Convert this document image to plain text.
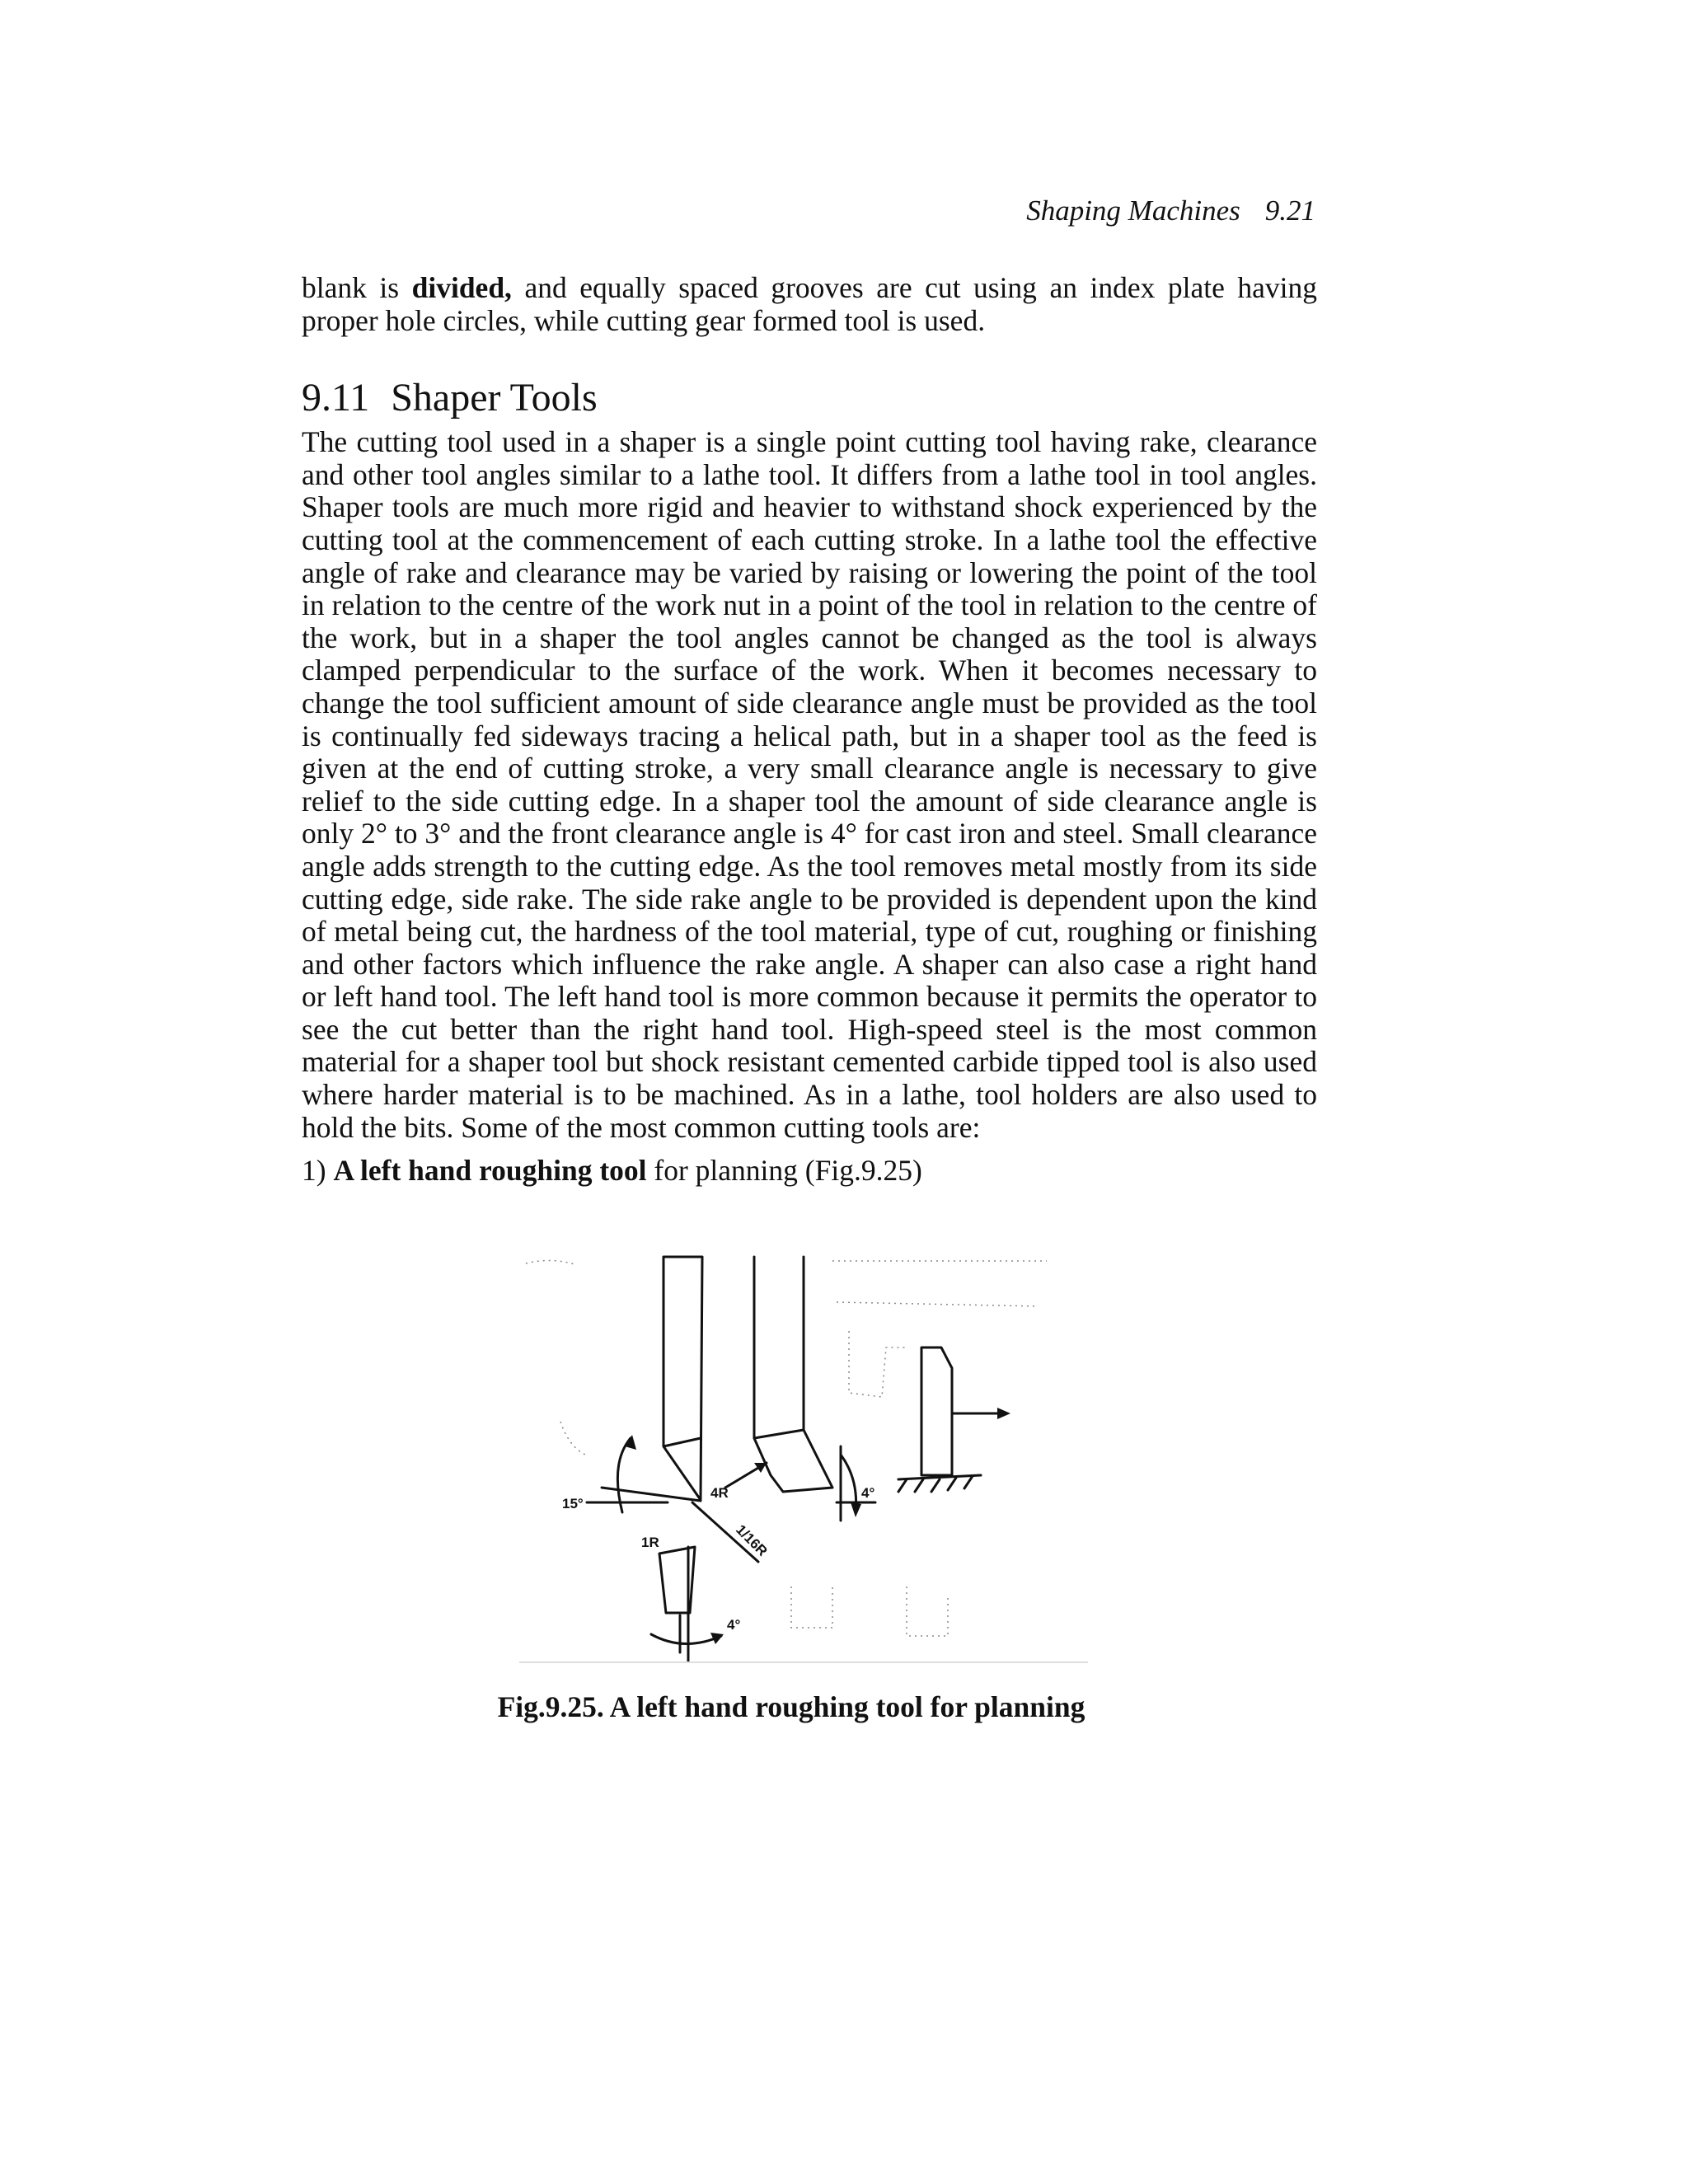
Shaping Machines 9.21

blank is divided, and equally spaced grooves are cut using an index plate having proper hole circles, while cutting gear formed tool is used.

9.11 Shaper Tools

The cutting tool used in a shaper is a single point cutting tool having rake, clearance and other tool angles similar to a lathe tool. It differs from a lathe tool in tool angles. Shaper tools are much more rigid and heavier to withstand shock experienced by the cutting tool at the commencement of each cutting stroke. In a lathe tool the effective angle of rake and clearance may be varied by raising or lowering the point of the tool in relation to the centre of the work nut in a point of the tool in relation to the centre of the work, but in a shaper the tool angles cannot be changed as the tool is always clamped perpendicular to the surface of the work. When it becomes necessary to change the tool sufficient amount of side clearance angle must be provided as the tool is continually fed sideways tracing a helical path, but in a shaper tool as the feed is given at the end of cutting stroke, a very small clearance angle is necessary to give relief to the side cutting edge. In a shaper tool the amount of side clearance angle is only 2° to 3° and the front clearance angle is 4° for cast iron and steel. Small clearance angle adds strength to the cutting edge. As the tool removes metal mostly from its side cutting edge, side rake. The side rake angle to be provided is dependent upon the kind of metal being cut, the hardness of the tool material, type of cut, roughing or finishing and other factors which influence the rake angle. A shaper can also case a right hand or left hand tool. The left hand tool is more common because it permits the operator to see the cut better than the right hand tool. High-speed steel is the most common material for a shaper tool but shock resistant cemented carbide tipped tool is also used where harder material is to be machined. As in a lathe, tool holders are also used to hold the bits. Some of the most common cutting tools are:

1) A left hand roughing tool for planning (Fig.9.25)

15°
4R
1R
4°
4°
1/16R
Fig.9.25. A left hand roughing tool for planning
